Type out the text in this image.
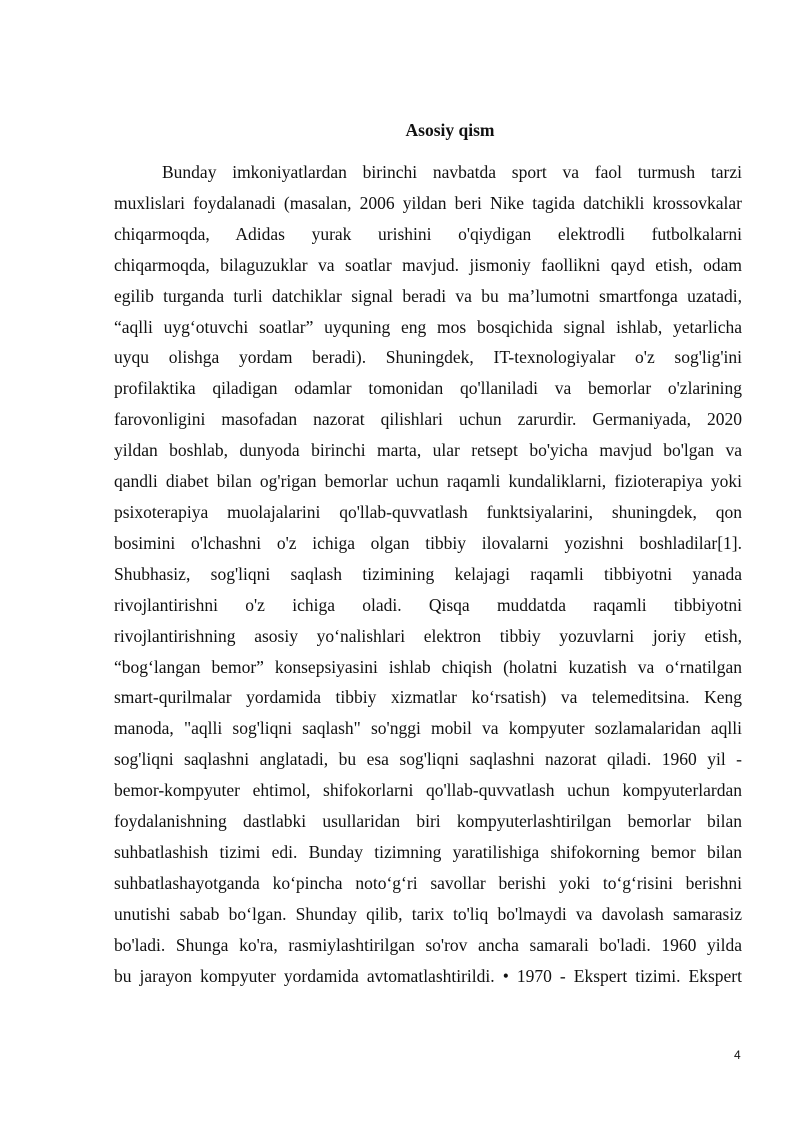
Asosiy qism
Bunday imkoniyatlardan birinchi navbatda sport va faol turmush tarzi
muxlislari foydalanadi (masalan, 2006 yildan beri Nike tagida datchikli krossovkalar
chiqarmoqda, Adidas yurak urishini o'qiydigan elektrodli futbolkalarni
chiqarmoqda, bilaguzuklar va soatlar mavjud. jismoniy faollikni qayd etish, odam
egilib turganda turli datchiklar signal beradi va bu ma’lumotni smartfonga uzatadi,
“aqlli uyg‘otuvchi soatlar” uyquning eng mos bosqichida signal ishlab, yetarlicha
uyqu olishga yordam beradi). Shuningdek, IT-texnologiyalar o'z sog'lig'ini
profilaktika qiladigan odamlar tomonidan qo'llaniladi va bemorlar o'zlarining
farovonligini masofadan nazorat qilishlari uchun zarurdir. Germaniyada, 2020
yildan boshlab, dunyoda birinchi marta, ular retsept bo'yicha mavjud bo'lgan va
qandli diabet bilan og'rigan bemorlar uchun raqamli kundaliklarni, fizioterapiya yoki
psixoterapiya muolajalarini qo'llab-quvvatlash funktsiyalarini, shuningdek, qon
bosimini o'lchashni o'z ichiga olgan tibbiy ilovalarni yozishni boshladilar[1].
Shubhasiz, sog'liqni saqlash tizimining kelajagi raqamli tibbiyotni yanada
rivojlantirishni o'z ichiga oladi. Qisqa muddatda raqamli tibbiyotni
rivojlantirishning asosiy yo‘nalishlari elektron tibbiy yozuvlarni joriy etish,
“bog‘langan bemor” konsepsiyasini ishlab chiqish (holatni kuzatish va o‘rnatilgan
smart-qurilmalar yordamida tibbiy xizmatlar ko‘rsatish) va telemeditsina. Keng
manoda, "aqlli sog'liqni saqlash" so'nggi mobil va kompyuter sozlamalaridan aqlli
sog'liqni saqlashni anglatadi, bu esa sog'liqni saqlashni nazorat qiladi. 1960 yil -
bemor-kompyuter ehtimol, shifokorlarni qo'llab-quvvatlash uchun kompyuterlardan
foydalanishning dastlabki usullaridan biri kompyuterlashtirilgan bemorlar bilan
suhbatlashish tizimi edi. Bunday tizimning yaratilishiga shifokorning bemor bilan
suhbatlashayotganda ko‘pincha noto‘g‘ri savollar berishi yoki to‘g‘risini berishni
unutishi sabab bo‘lgan. Shunday qilib, tarix to'liq bo'lmaydi va davolash samarasiz
bo'ladi. Shunga ko'ra, rasmiylashtirilgan so'rov ancha samarali bo'ladi. 1960 yilda
bu jarayon kompyuter yordamida avtomatlashtirildi. • 1970 - Ekspert tizimi. Ekspert
4
